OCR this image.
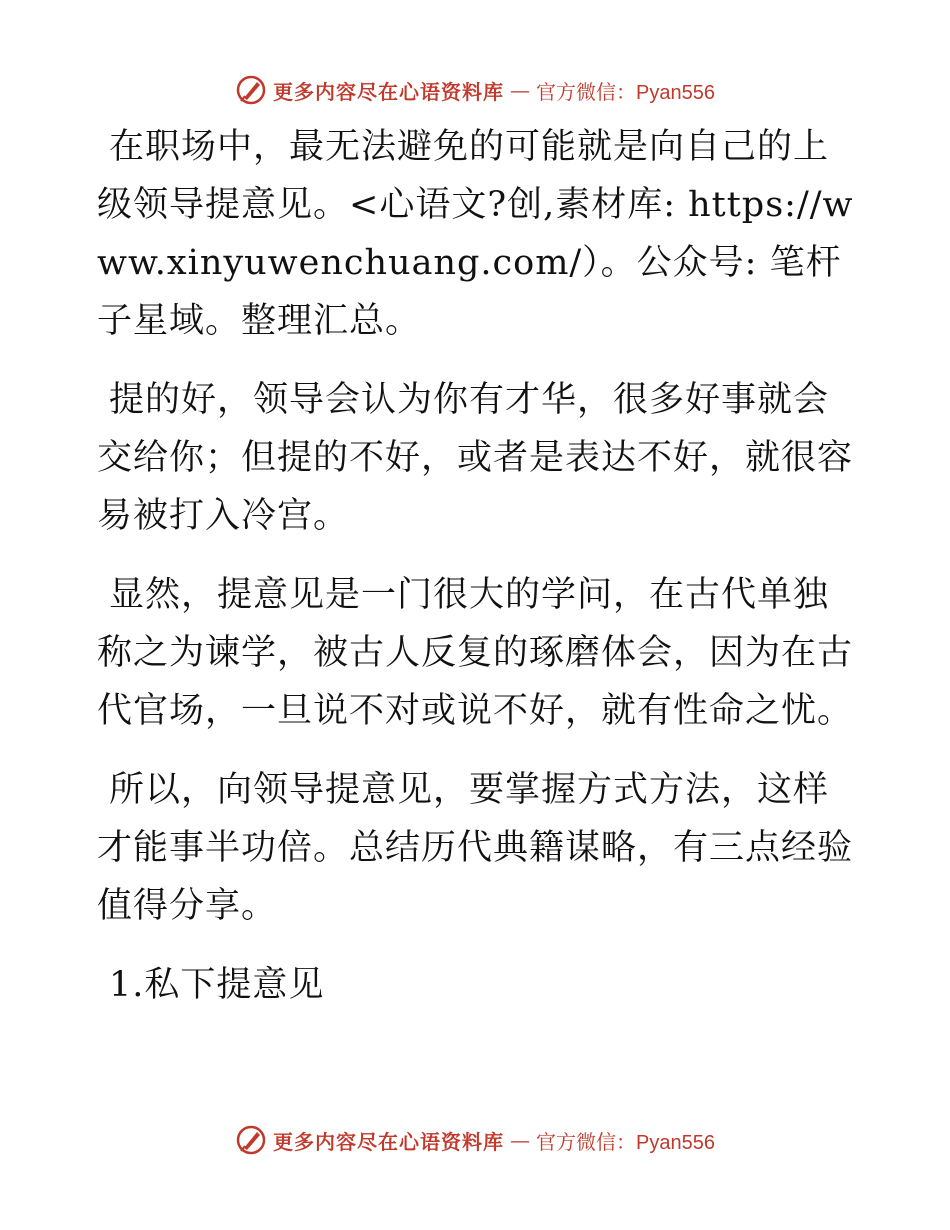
更多内容尽在心语资料库 — 官方微信：Pyan556

在职场中，最无法避免的可能就是向自己的上级领导提意见。<心语文?创,素材库: https://www.xinyuwenchuang.com/）。公众号: 笔杆子星域。整理汇总。

提的好，领导会认为你有才华，很多好事就会交给你；但提的不好，或者是表达不好，就很容易被打入冷宫。

显然，提意见是一门很大的学问，在古代单独称之为谏学，被古人反复的琢磨体会，因为在古代官场，一旦说不对或说不好，就有性命之忧。

所以，向领导提意见，要掌握方式方法，这样才能事半功倍。总结历代典籍谋略，有三点经验值得分享。

1.私下提意见

更多内容尽在心语资料库 — 官方微信：Pyan556
